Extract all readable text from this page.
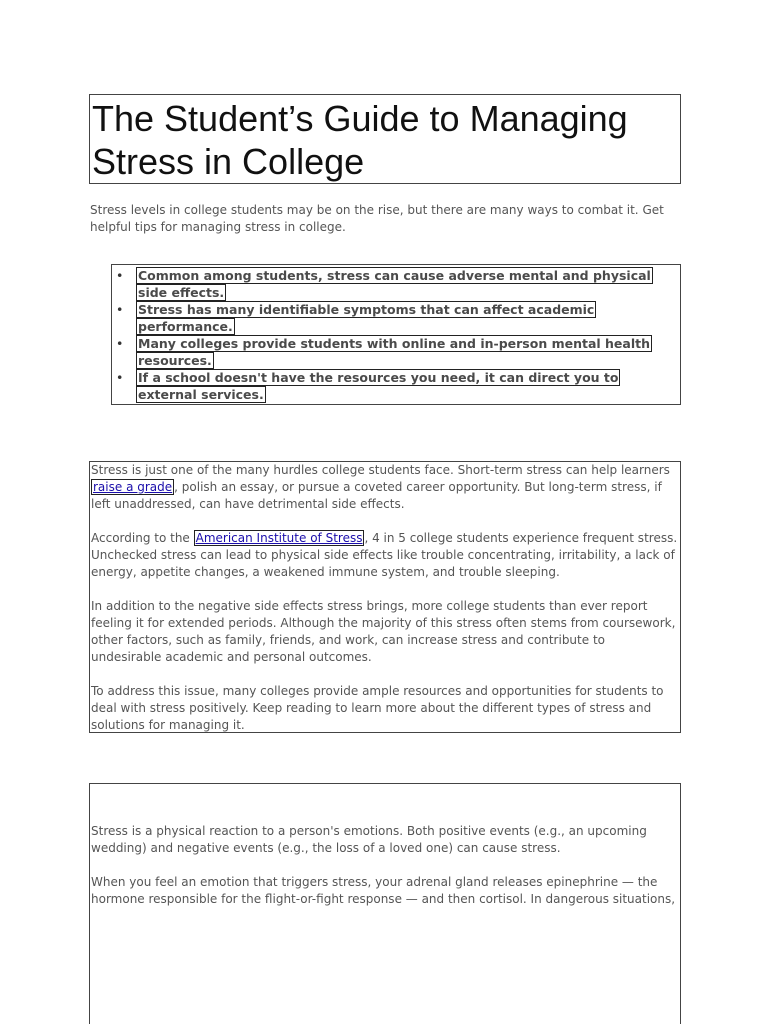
The Student’s Guide to Managing Stress in College

Stress levels in college students may be on the rise, but there are many ways to combat it. Get helpful tips for managing stress in college.

• Common among students, stress can cause adverse mental and physical side effects.
• Stress has many identifiable symptoms that can affect academic performance.
• Many colleges provide students with online and in-person mental health resources.
• If a school doesn't have the resources you need, it can direct you to external services.

Stress is just one of the many hurdles college students face. Short-term stress can help learners raise a grade , polish an essay, or pursue a coveted career opportunity. But long-term stress, if left unaddressed, can have detrimental side effects.

According to the American Institute of Stress , 4 in 5 college students experience frequent stress. Unchecked stress can lead to physical side effects like trouble concentrating, irritability, a lack of energy, appetite changes, a weakened immune system, and trouble sleeping.

In addition to the negative side effects stress brings, more college students than ever report feeling it for extended periods. Although the majority of this stress often stems from coursework, other factors, such as family, friends, and work, can increase stress and contribute to undesirable academic and personal outcomes.

To address this issue, many colleges provide ample resources and opportunities for students to deal with stress positively. Keep reading to learn more about the different types of stress and solutions for managing it.

Stress is a physical reaction to a person's emotions. Both positive events (e.g., an upcoming wedding) and negative events (e.g., the loss of a loved one) can cause stress.

When you feel an emotion that triggers stress, your adrenal gland releases epinephrine — the hormone responsible for the flight-or-fight response — and then cortisol. In dangerous situations,
